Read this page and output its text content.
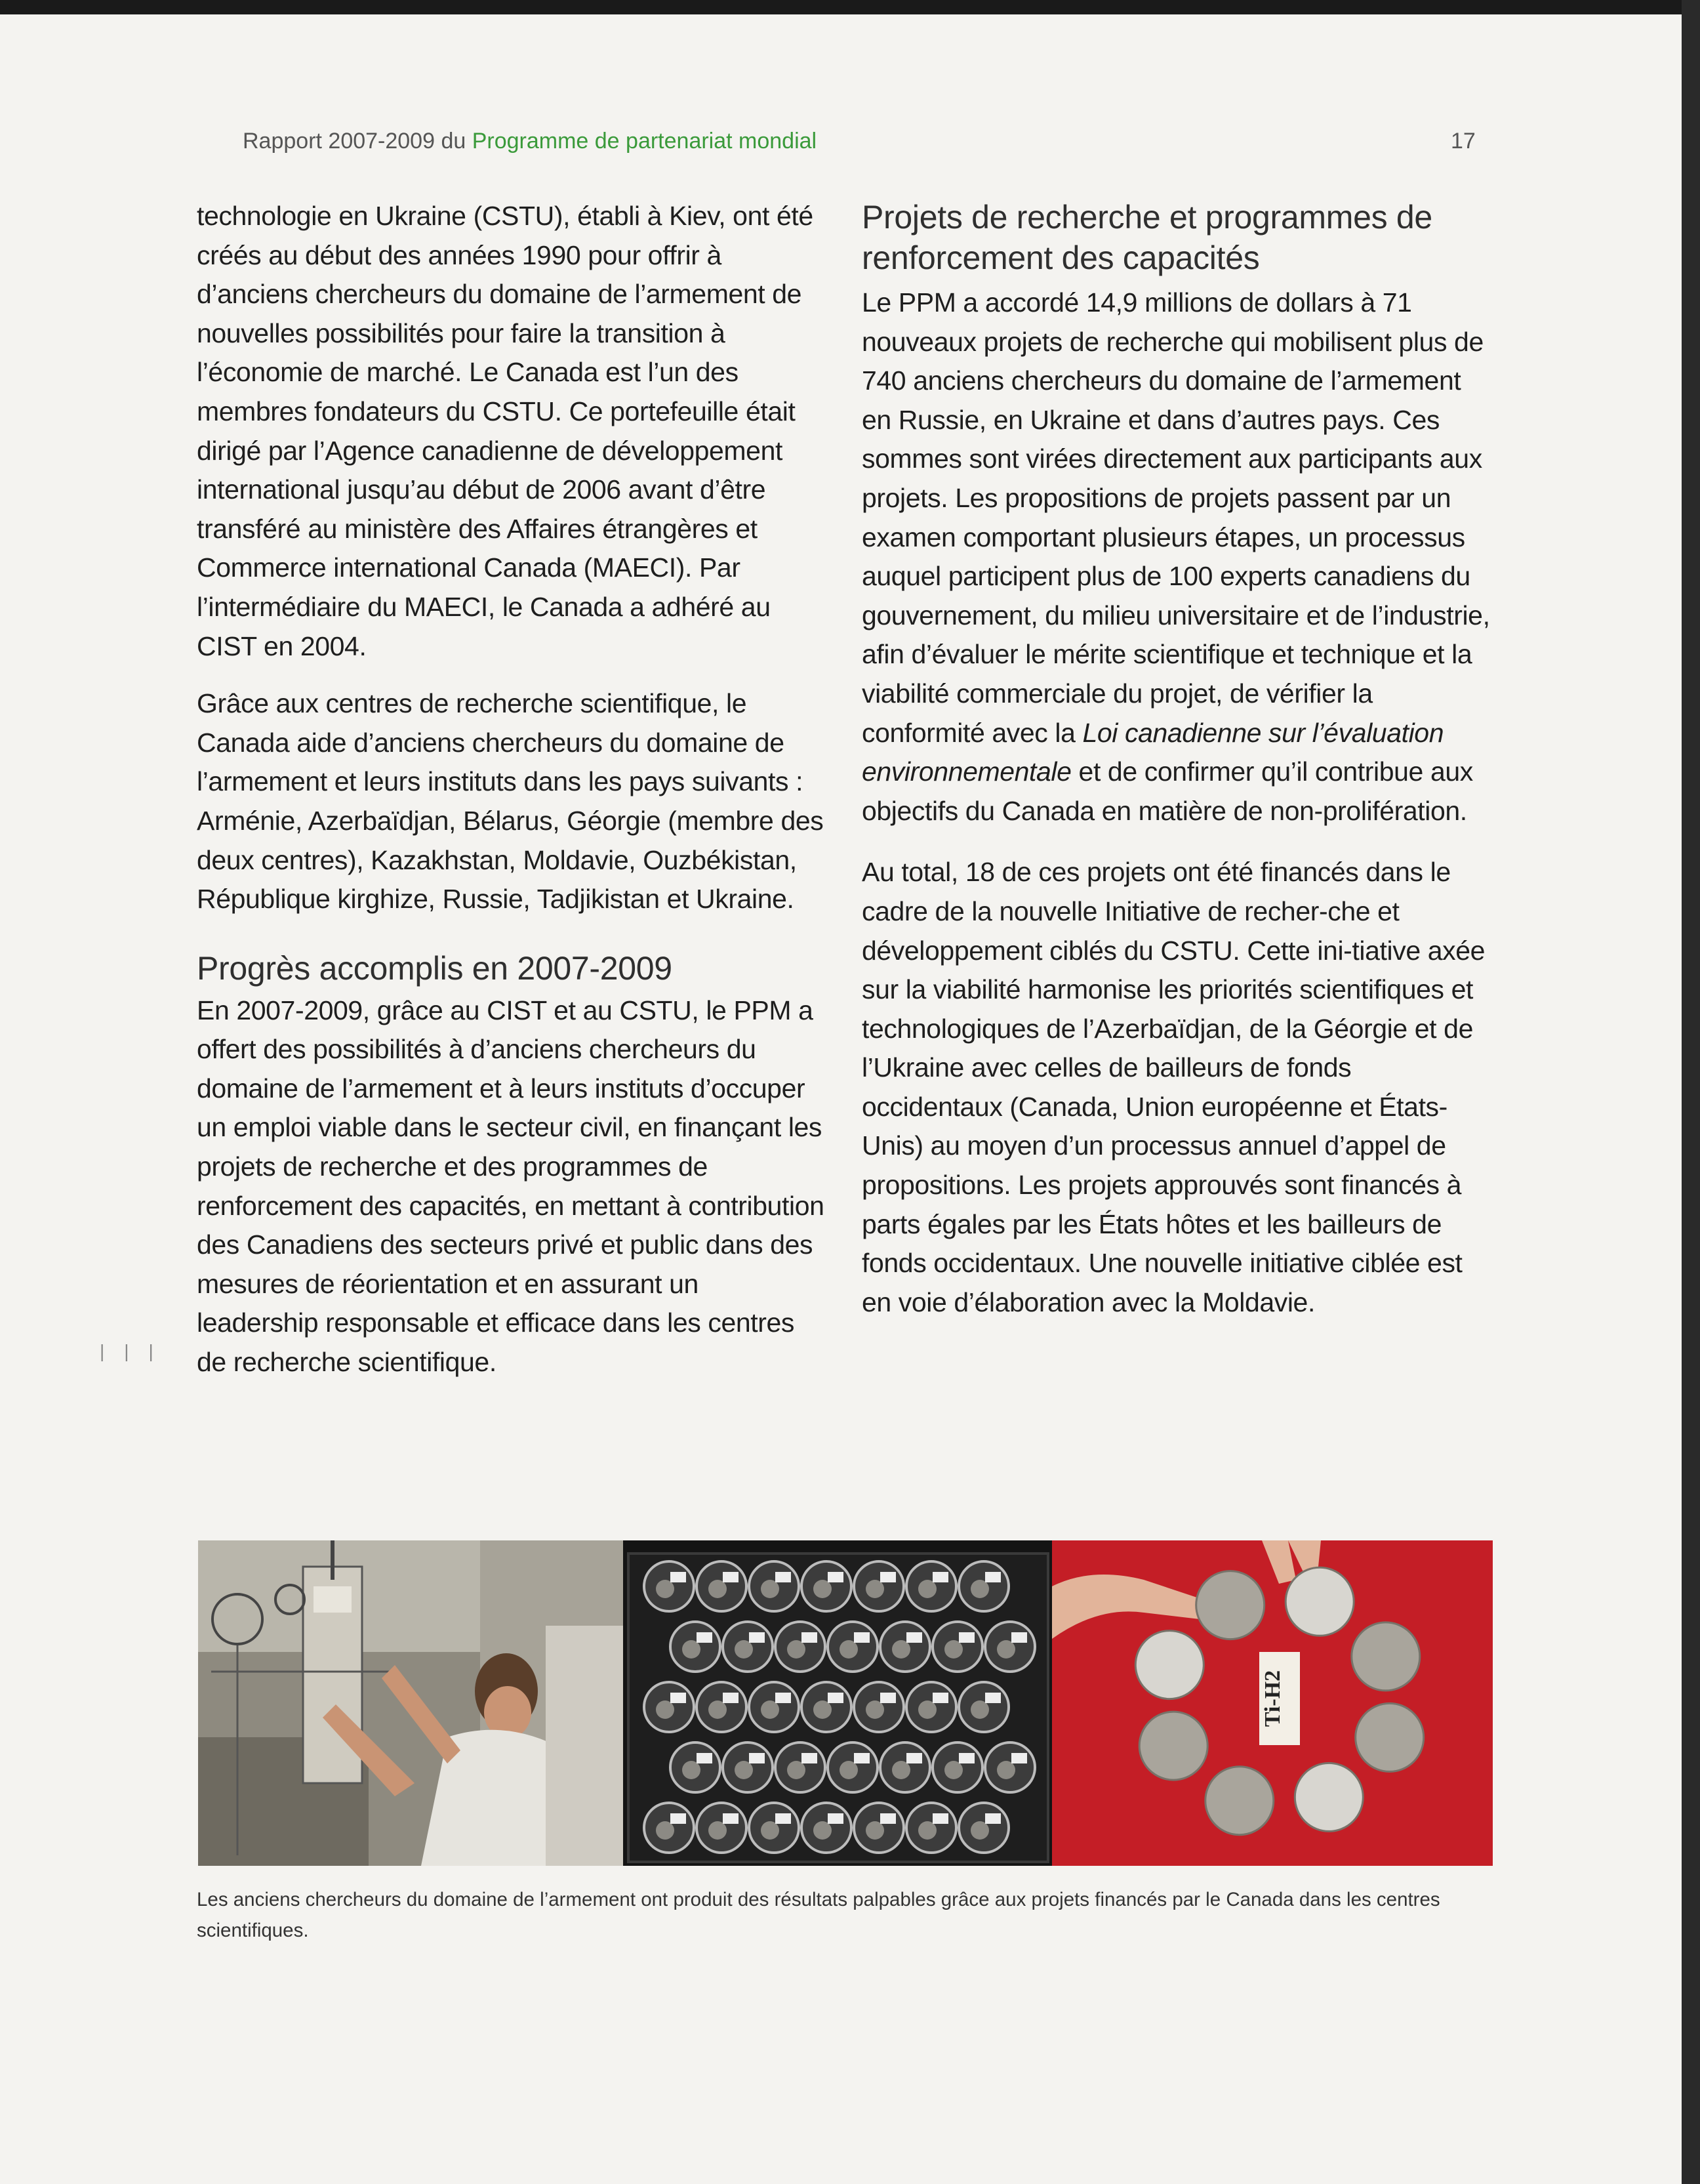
Rapport 2007-2009 du Programme de partenariat mondial	17
|||

technologie en Ukraine (CSTU), établi à Kiev, ont été créés au début des années 1990 pour offrir à d’anciens chercheurs du domaine de l’armement de nouvelles possibilités pour faire la transition à l’économie de marché. Le Canada est l’un des membres fondateurs du CSTU. Ce portefeuille était dirigé par l’Agence canadienne de développement international jusqu’au début de 2006 avant d’être transféré au ministère des Affaires étrangères et Commerce international Canada (MAECI). Par l’intermédiaire du MAECI, le Canada a adhéré au CIST en 2004.

Grâce aux centres de recherche scientifique, le Canada aide d’anciens chercheurs du domaine de l’armement et leurs instituts dans les pays suivants : Arménie, Azerbaïdjan, Bélarus, Géorgie (membre des deux centres), Kazakhstan, Moldavie, Ouzbékistan, République kirghize, Russie, Tadjikistan et Ukraine.

Progrès accomplis en 2007-2009

En 2007-2009, grâce au CIST et au CSTU, le PPM a offert des possibilités à d’anciens chercheurs du domaine de l’armement et à leurs instituts d’occuper un emploi viable dans le secteur civil, en finançant les projets de recherche et des programmes de renforcement des capacités, en mettant à contribution des Canadiens des secteurs privé et public dans des mesures de réorientation et en assurant un leadership responsable et efficace dans les centres de recherche scientifique.

Projets de recherche et programmes de renforcement des capacités

Le PPM a accordé 14,9 millions de dollars à 71 nouveaux projets de recherche qui mobilisent plus de 740 anciens chercheurs du domaine de l’armement en Russie, en Ukraine et dans d’autres pays. Ces sommes sont virées directement aux participants aux projets. Les propositions de projets passent par un examen comportant plusieurs étapes, un processus auquel participent plus de 100 experts canadiens du gouvernement, du milieu universitaire et de l’industrie, afin d’évaluer le mérite scientifique et technique et la viabilité commerciale du projet, de vérifier la conformité avec la Loi canadienne sur l’évaluation environnementale et de confirmer qu’il contribue aux objectifs du Canada en matière de non-prolifération.

Au total, 18 de ces projets ont été financés dans le cadre de la nouvelle Initiative de recher-che et développement ciblés du CSTU. Cette ini-tiative axée sur la viabilité harmonise les priorités scientifiques et technologiques de l’Azerbaïdjan, de la Géorgie et de l’Ukraine avec celles de bailleurs de fonds occidentaux (Canada, Union européenne et États-Unis) au moyen d’un processus annuel d’appel de propositions. Les projets approuvés sont financés à parts égales par les États hôtes et les bailleurs de fonds occidentaux. Une nouvelle initiative ciblée est en voie d’élaboration avec la Moldavie.

Ti-H2
Les anciens chercheurs du domaine de l’armement ont produit des résultats palpables grâce aux projets financés par le Canada dans les centres scientifiques.
